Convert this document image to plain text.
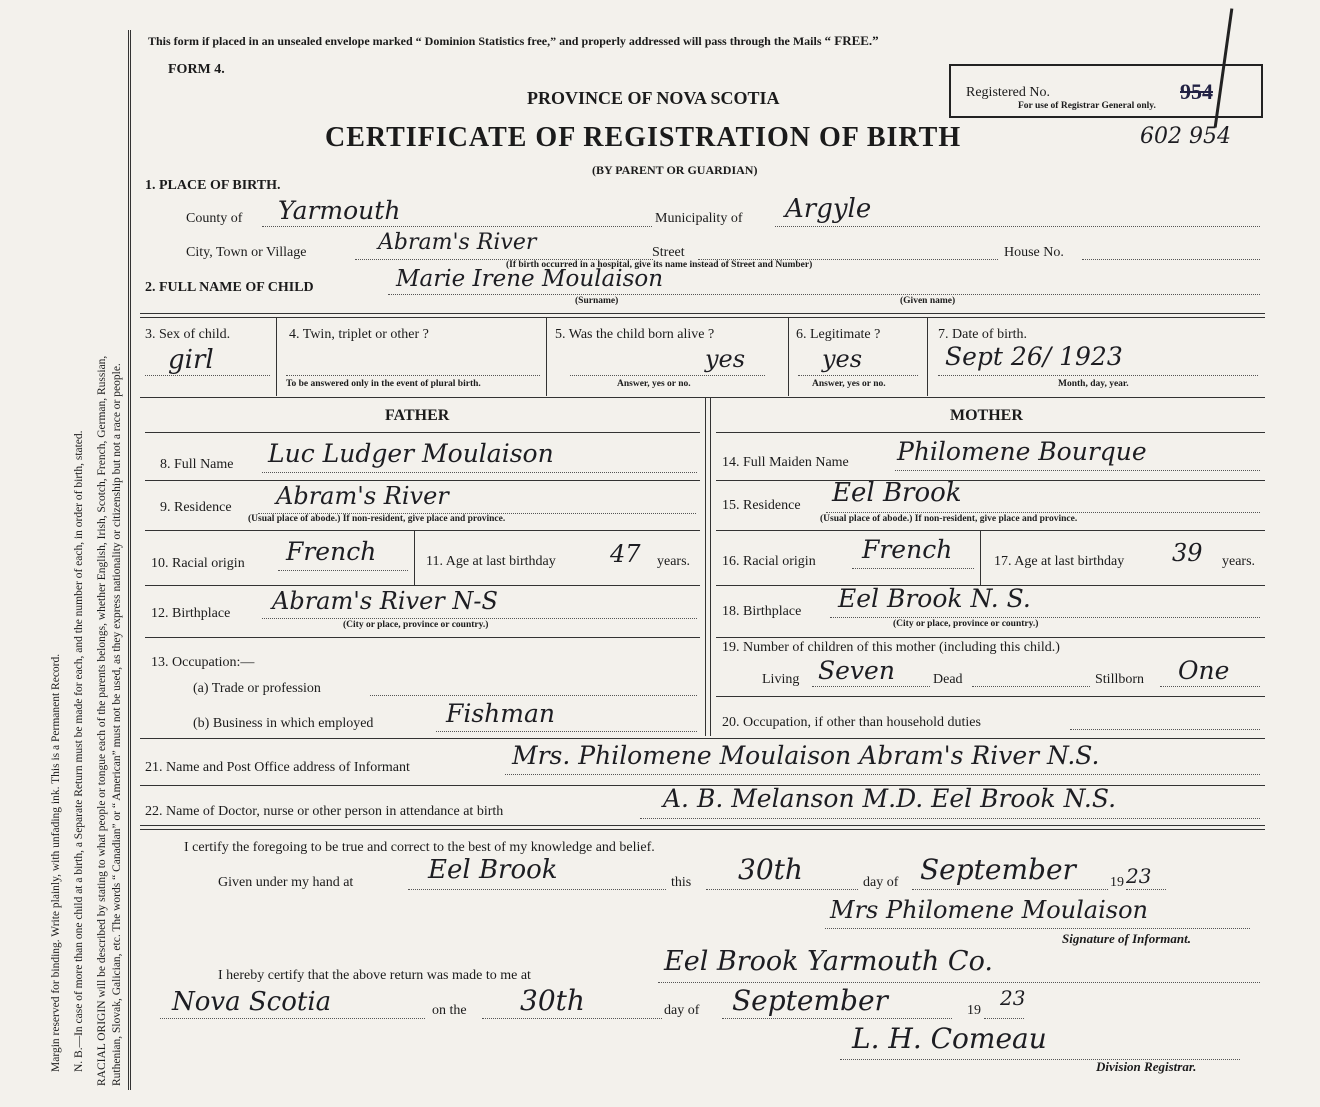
Margin reserved for binding. Write plainly, with unfading ink. This is a Permanent Record. N. B.—In case of more than one child at a birth, a Separate Return must be made for each, and the number of each, in order of birth, stated. RACIAL ORIGIN will be described by stating to what people or tongue each of the parents belongs, whether English, Irish, Scotch, French, German, Russian, Ruthenian, Slovak, Galician, etc. The words “ Canadian” or “ American” must not be used, as they express nationality or citizenship but not a race or people.
This form if placed in an unsealed envelope marked “ Dominion Statistics free,” and properly addressed will pass through the Mails “ FREE.”
FORM 4.
PROVINCE OF NOVA SCOTIA
CERTIFICATE OF REGISTRATION OF BIRTH
(BY PARENT OR GUARDIAN)
Registered No.	954
For use of Registrar General only.
602 954
1. PLACE OF BIRTH.
County of Yarmouth	Municipality of Argyle
City, Town or Village	Abram's River	Street	House No.
(If birth occurred in a hospital, give its name instead of Street and Number)
2. FULL NAME OF CHILD	Marie Irene Moulaison
(Surname)	(Given name)
3. Sex of child.
girl
4. Twin, triplet or other ?
To be answered only in the event of plural birth.
5. Was the child born alive ?
yes
Answer, yes or no.
6. Legitimate ?
yes
Answer, yes or no.
7. Date of birth.
Sept 26/ 1923
Month, day, year.
FATHER	MOTHER
8. Full Name Luc Ludger Moulaison
9. Residence Abram's River
(Usual place of abode.) If non-resident, give place and province.
10. Racial origin French	11. Age at last birthday 47 years.
12. Birthplace Abram's River N-S
(City or place, province or country.)
13. Occupation:—
(a) Trade or profession
(b) Business in which employed	Fishman
14. Full Maiden Name Philomene Bourque
15. Residence Eel Brook
(Usual place of abode.) If non-resident, give place and province.
16. Racial origin French	17. Age at last birthday 39 years.
18. Birthplace Eel Brook N. S.
(City or place, province or country.)
19. Number of children of this mother (including this child.)
Living Seven	Dead	Stillborn One
20. Occupation, if other than household duties
21. Name and Post Office address of Informant	Mrs. Philomene Moulaison Abram's River N.S.
22. Name of Doctor, nurse or other person in attendance at birth	A. B. Melanson M.D. Eel Brook N.S.
I certify the foregoing to be true and correct to the best of my knowledge and belief.
Given under my hand at	Eel Brook	this 30th	day of September 19 23
Mrs Philomene Moulaison
Signature of Informant.
I hereby certify that the above return was made to me at	Eel Brook Yarmouth Co.
Nova Scotia	on the 30th	day of September	19
23
L. H. Comeau
Division Registrar.
